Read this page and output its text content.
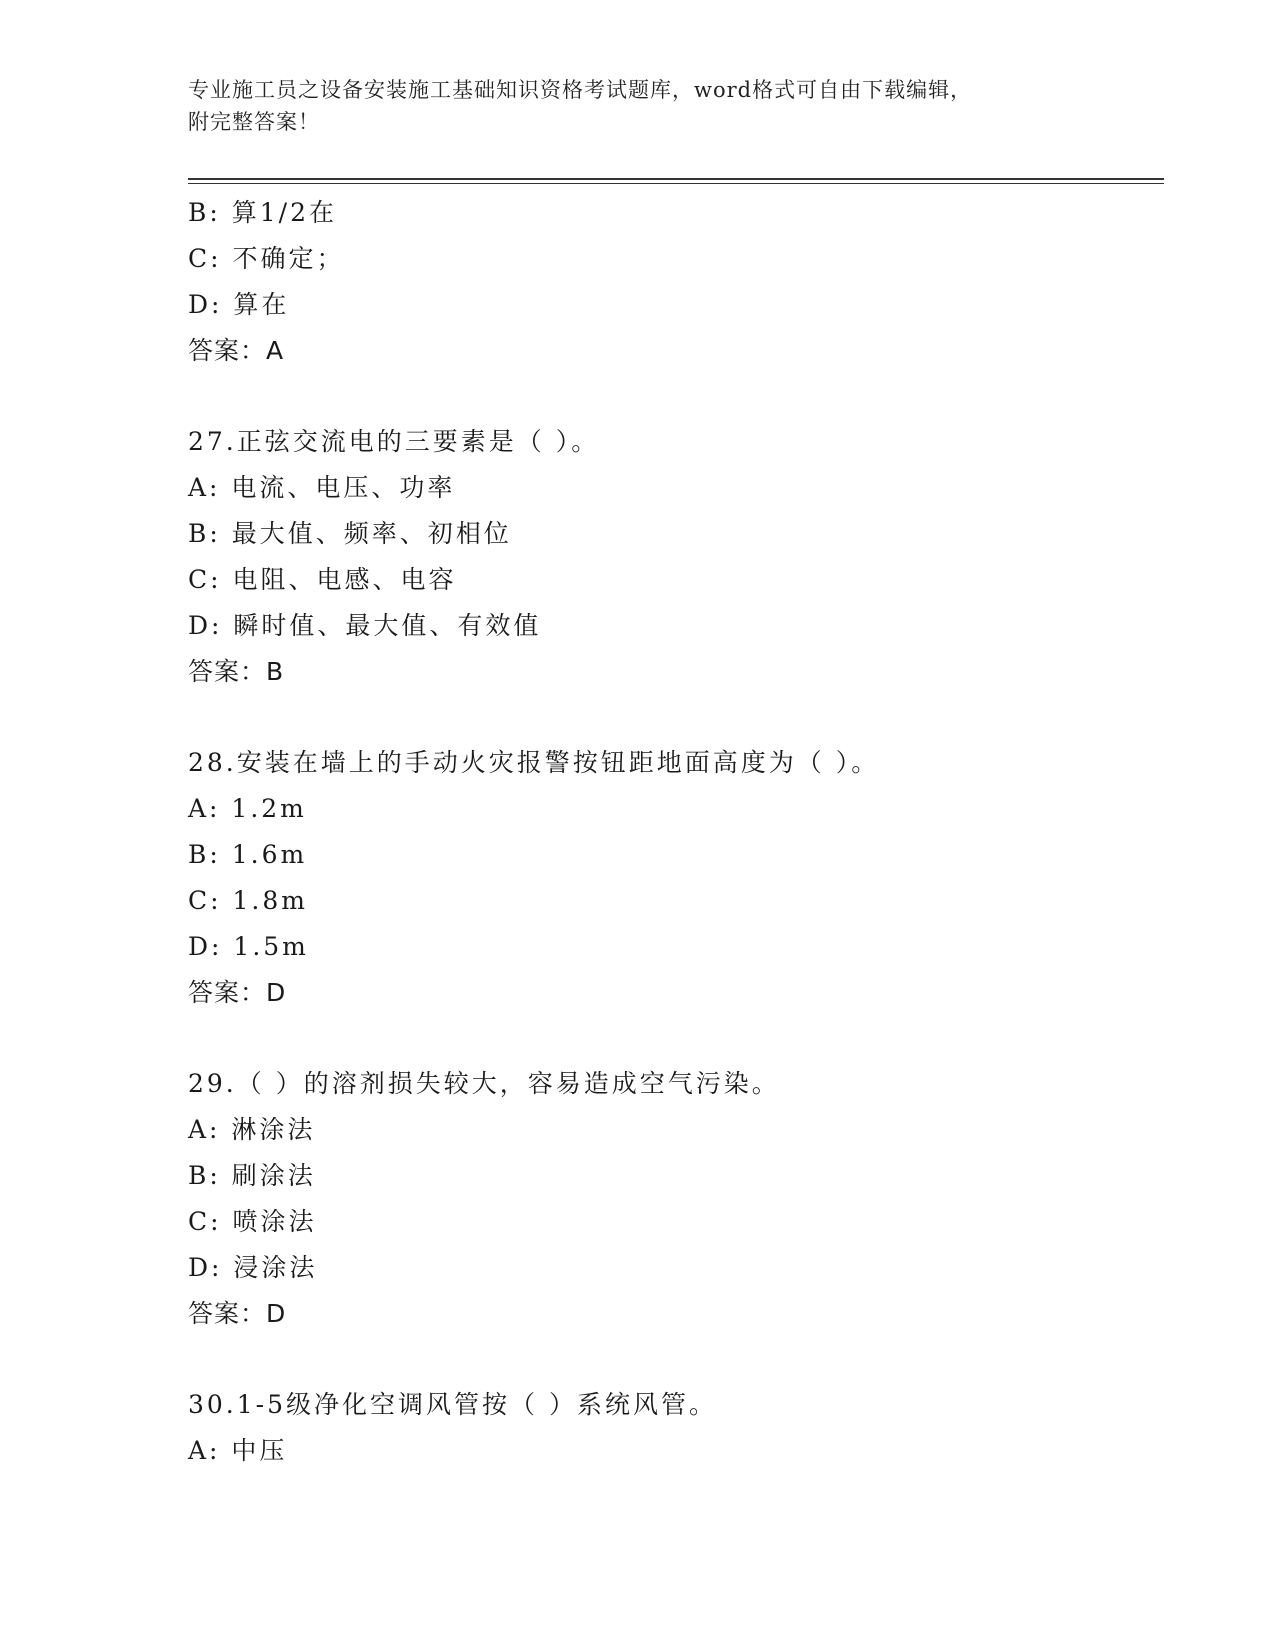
专业施工员之设备安装施工基础知识资格考试题库，word格式可自由下载编辑，
附完整答案！
B: 算1/2在
C: 不确定；
D: 算在
答案：A
27.正弦交流电的三要素是（ ）。
A: 电流、电压、功率
B: 最大值、频率、初相位
C: 电阻、电感、电容
D: 瞬时值、最大值、有效值
答案：B
28.安装在墙上的手动火灾报警按钮距地面高度为（ ）。
A: 1.2m
B: 1.6m
C: 1.8m
D: 1.5m
答案：D
29.（ ）的溶剂损失较大，容易造成空气污染。
A: 淋涂法
B: 刷涂法
C: 喷涂法
D: 浸涂法
答案：D
30.1-5级净化空调风管按（ ）系统风管。
A: 中压
